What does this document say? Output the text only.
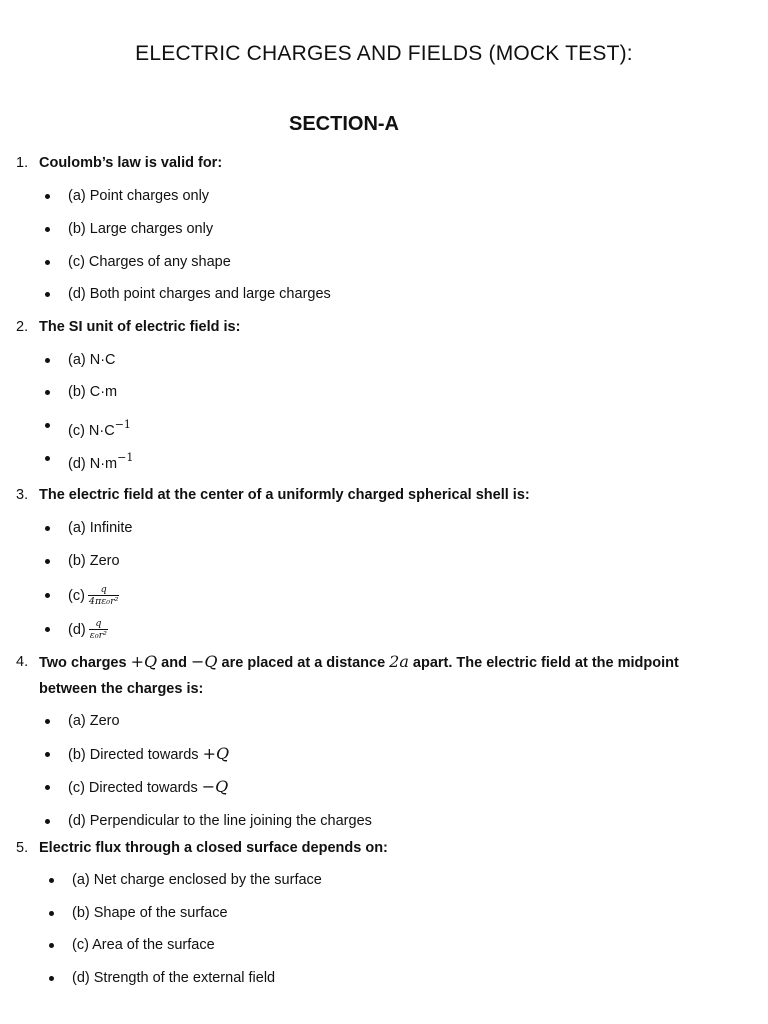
ELECTRIC CHARGES AND FIELDS (MOCK TEST):
SECTION-A
1. Coulomb’s law is valid for:
(a) Point charges only
(b) Large charges only
(c) Charges of any shape
(d) Both point charges and large charges
2. The SI unit of electric field is:
(a) N·C
(b) C·m
(c) $N\cdot C^{-1}$
(d) $N\cdot m^{-1}$
3. The electric field at the center of a uniformly charged spherical shell is:
(a) Infinite
(b) Zero
$(c) \frac{q}{\text{4πε₀r²}}$
$(d) \frac{q}{\text{ε₀r²}}$
4. Two charges +Q and −Q are placed at a distance 2a apart. The electric field at the midpoint
between the charges is:
(a) Zero
(b) Directed towards +Q
(c) Directed towards −Q
(d) Perpendicular to the line joining the charges
5. Electric flux through a closed surface depends on:
(a) Net charge enclosed by the surface
(b) Shape of the surface
(c) Area of the surface
(d) Strength of the external field
